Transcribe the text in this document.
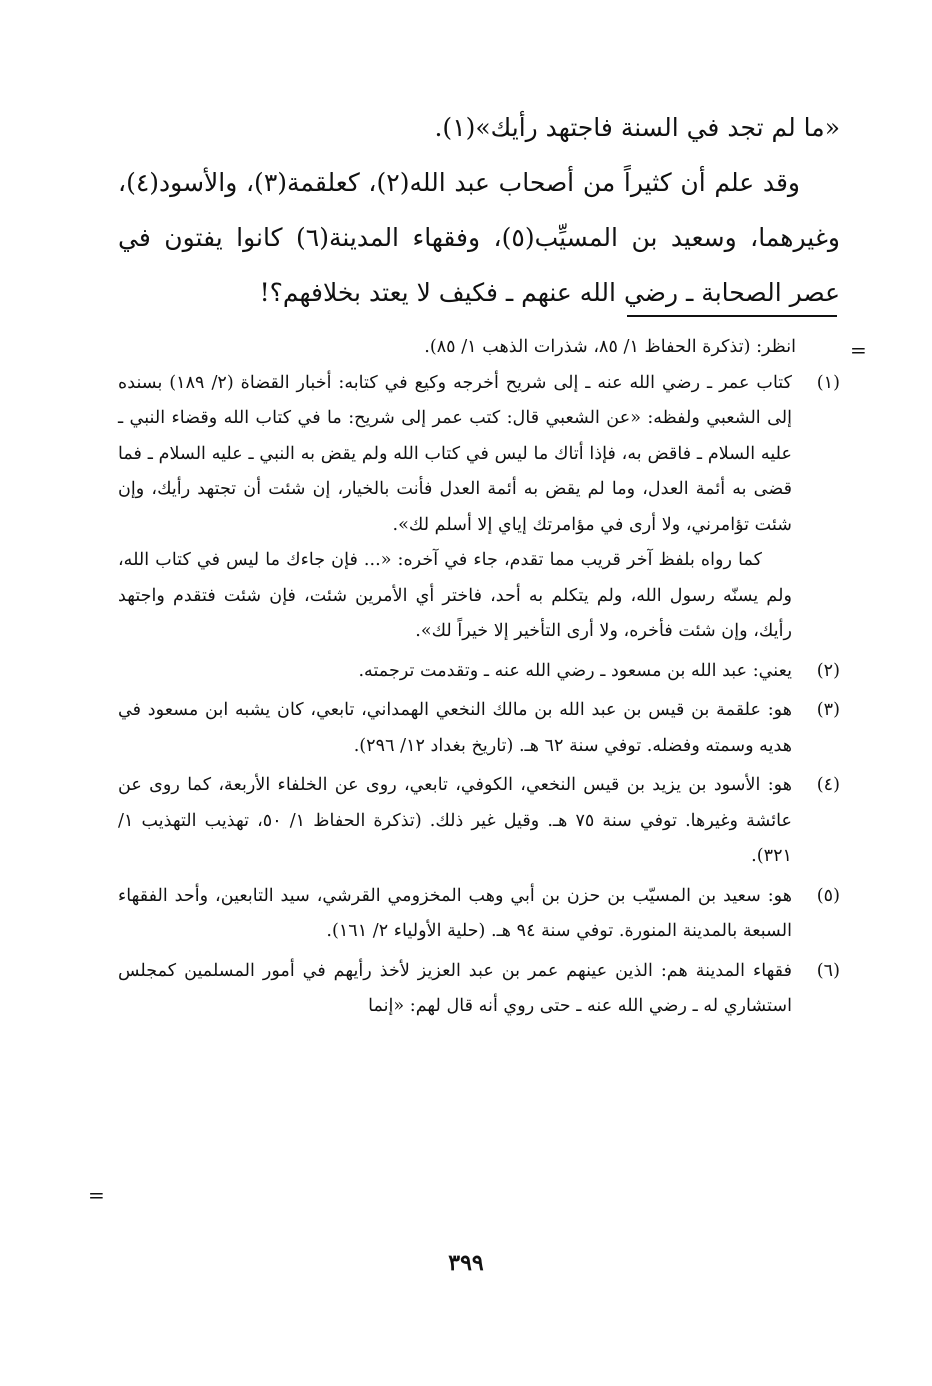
«ما لم تجد في السنة فاجتهد رأيك»(١).

وقد علم أن كثيراً من أصحاب عبد الله(٢)، كعلقمة(٣)، والأسود(٤)، وغيرهما، وسعيد بن المسيِّب(٥)، وفقهاء المدينة(٦) كانوا يفتون في عصر الصحابة ـ رضي الله عنهم ـ فكيف لا يعتد بخلافهم؟!

=

انظر: (تذكرة الحفاظ ١/ ٨٥، شذرات الذهب ١/ ٨٥).

(١)

كتاب عمر ـ رضي الله عنه ـ إلى شريح أخرجه وكيع في كتابه: أخبار القضاة (٢/ ١٨٩) بسنده إلى الشعبي ولفظه: «عن الشعبي قال: كتب عمر إلى شريح: ما في كتاب الله وقضاء النبي ـ عليه السلام ـ فاقض به، فإذا أتاك ما ليس في كتاب الله ولم يقض به النبي ـ عليه السلام ـ فما قضى به أئمة العدل، وما لم يقض به أئمة العدل فأنت بالخيار، إن شئت أن تجتهد رأيك، وإن شئت تؤامرني، ولا أرى في مؤامرتك إياي إلا أسلم لك».

كما رواه بلفظ آخر قريب مما تقدم، جاء في آخره: «... فإن جاءك ما ليس في كتاب الله، ولم يسنّه رسول الله، ولم يتكلم به أحد، فاختر أي الأمرين شئت، فإن شئت فتقدم واجتهد رأيك، وإن شئت فأخره، ولا أرى التأخير إلا خيراً لك».

(٢)

يعني: عبد الله بن مسعود ـ رضي الله عنه ـ وتقدمت ترجمته.

(٣)

هو: علقمة بن قيس بن عبد الله بن مالك النخعي الهمداني، تابعي، كان يشبه ابن مسعود في هديه وسمته وفضله. توفي سنة ٦٢ هـ. (تاريخ بغداد ١٢/ ٢٩٦).

(٤)

هو: الأسود بن يزيد بن قيس النخعي، الكوفي، تابعي، روى عن الخلفاء الأربعة، كما روى عن عائشة وغيرها. توفي سنة ٧٥ هـ. وقيل غير ذلك. (تذكرة الحفاظ ١/ ٥٠، تهذيب التهذيب ١/ ٣٢١).

(٥)

هو: سعيد بن المسيّب بن حزن بن أبي وهب المخزومي القرشي، سيد التابعين، وأحد الفقهاء السبعة بالمدينة المنورة. توفي سنة ٩٤ هـ. (حلية الأولياء ٢/ ١٦١).

(٦)

فقهاء المدينة هم: الذين عينهم عمر بن عبد العزيز لأخذ رأيهم في أمور المسلمين كمجلس استشاري له ـ رضي الله عنه ـ حتى روي أنه قال لهم: «إنما

=
٣٩٩
